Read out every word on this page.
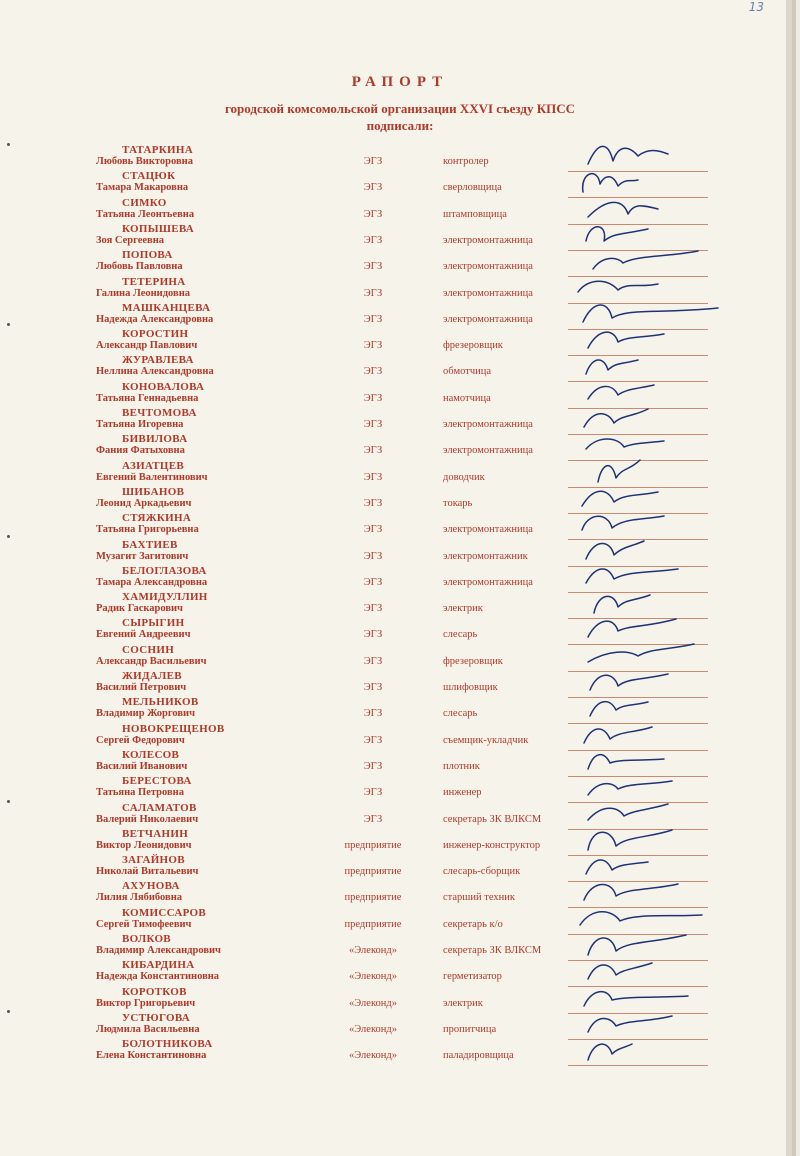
13
РАПОРТ
городской комсомольской организации XXVI съезду КПСС
подписали:
ТАТАРКИНА
Любовь Викторовна	ЭГЗ	контролер
СТАЦЮК
Тамара Макаровна	ЭГЗ	сверловщица
СИМКО
Татьяна Леонтьевна	ЭГЗ	штамповщица
КОПЫШЕВА
Зоя Сергеевна	ЭГЗ	электромонтажница
ПОПОВА
Любовь Павловна	ЭГЗ	электромонтажница
ТЕТЕРИНА
Галина Леонидовна	ЭГЗ	электромонтажница
МАШКАНЦЕВА
Надежда Александровна	ЭГЗ	электромонтажница
КОРОСТИН
Александр Павлович	ЭГЗ	фрезеровщик
ЖУРАВЛЕВА
Неллина Александровна	ЭГЗ	обмотчица
КОНОВАЛОВА
Татьяна Геннадьевна	ЭГЗ	намотчица
ВЕЧТОМОВА
Татьяна Игоревна	ЭГЗ	электромонтажница
БИВИЛОВА
Фания Фатыховна	ЭГЗ	электромонтажница
АЗИАТЦЕВ
Евгений Валентинович	ЭГЗ	доводчик
ШИБАНОВ
Леонид Аркадьевич	ЭГЗ	токарь
СТЯЖКИНА
Татьяна Григорьевна	ЭГЗ	электромонтажница
БАХТИЕВ
Музагит Загитович	ЭГЗ	электромонтажник
БЕЛОГЛАЗОВА
Тамара Александровна	ЭГЗ	электромонтажница
ХАМИДУЛЛИН
Радик Гаскарович	ЭГЗ	электрик
СЫРЫГИН
Евгений Андреевич	ЭГЗ	слесарь
СОСНИН
Александр Васильевич	ЭГЗ	фрезеровщик
ЖИДАЛЕВ
Василий Петрович	ЭГЗ	шлифовщик
МЕЛЬНИКОВ
Владимир Жоргович	ЭГЗ	слесарь
НОВОКРЕЩЕНОВ
Сергей Федорович	ЭГЗ	съемщик-укладчик
КОЛЕСОВ
Василий Иванович	ЭГЗ	плотник
БЕРЕСТОВА
Татьяна Петровна	ЭГЗ	инженер
САЛАМАТОВ
Валерий Николаевич	ЭГЗ	секретарь ЗК ВЛКСМ
ВЕТЧАНИН
Виктор Леонидович	предприятие	инженер-конструктор
ЗАГАЙНОВ
Николай Витальевич	предприятие	слесарь-сборщик
АХУНОВА
Лилия Лябибовна	предприятие	старший техник
КОМИССАРОВ
Сергей Тимофеевич	предприятие	секретарь к/о
ВОЛКОВ
Владимир Александрович	«Элеконд»	секретарь ЗК ВЛКСМ
КИБАРДИНА
Надежда Константиновна	«Элеконд»	герметизатор
КОРОТКОВ
Виктор Григорьевич	«Элеконд»	электрик
УСТЮГОВА
Людмила Васильевна	«Элеконд»	пропитчица
БОЛОТНИКОВА
Елена Константиновна	«Элеконд»	паладировщица
